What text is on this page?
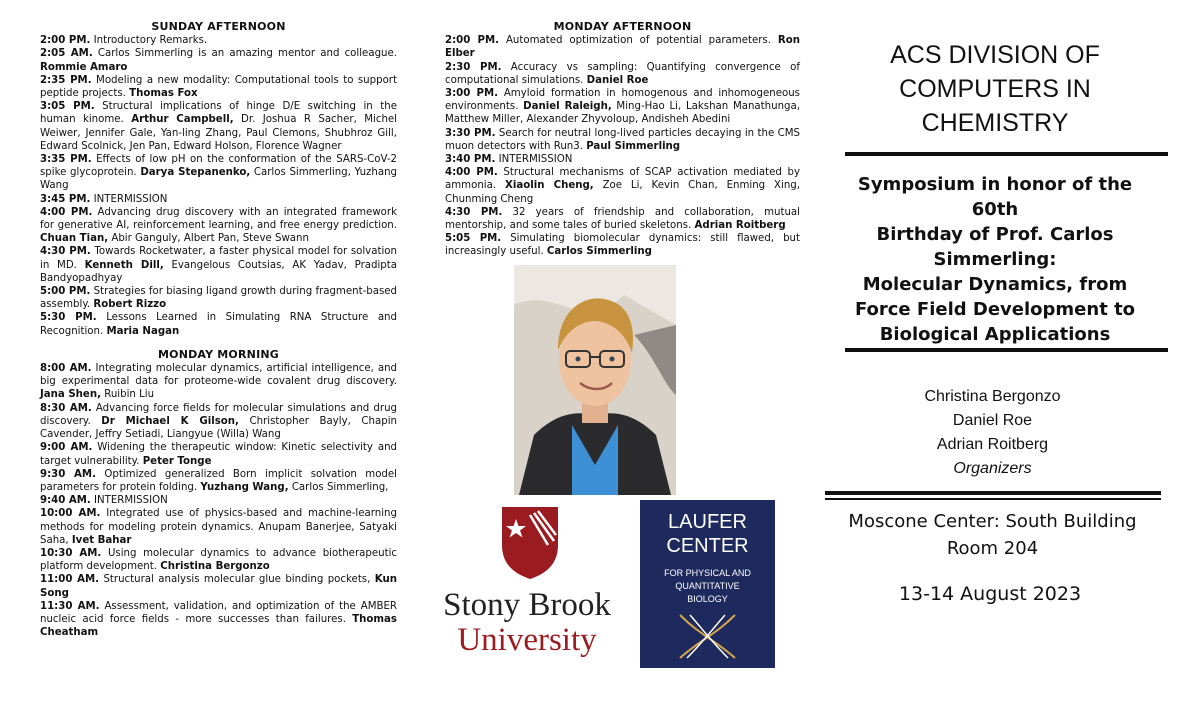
SUNDAY AFTERNOON
2:00 PM. Introductory Remarks.
2:05 AM. Carlos Simmerling is an amazing mentor and colleague. Rommie Amaro
2:35 PM. Modeling a new modality: Computational tools to support peptide projects. Thomas Fox
3:05 PM. Structural implications of hinge D/E switching in the human kinome. Arthur Campbell, Dr. Joshua R Sacher, Michel Weiwer, Jennifer Gale, Yan-ling Zhang, Paul Clemons, Shubhroz Gill, Edward Scolnick, Jen Pan, Edward Holson, Florence Wagner
3:35 PM. Effects of low pH on the conformation of the SARS-CoV-2 spike glycoprotein. Darya Stepanenko, Carlos Simmerling, Yuzhang Wang
3:45 PM. INTERMISSION
4:00 PM. Advancing drug discovery with an integrated framework for generative AI, reinforcement learning, and free energy prediction. Chuan Tian, Abir Ganguly, Albert Pan, Steve Swann
4:30 PM. Towards Rocketwater, a faster physical model for solvation in MD. Kenneth Dill, Evangelous Coutsias, AK Yadav, Pradipta Bandyopadhyay
5:00 PM. Strategies for biasing ligand growth during fragment-based assembly. Robert Rizzo
5:30 PM. Lessons Learned in Simulating RNA Structure and Recognition. Maria Nagan
MONDAY MORNING
8:00 AM. Integrating molecular dynamics, artificial intelligence, and big experimental data for proteome-wide covalent drug discovery. Jana Shen, Ruibin Liu
8:30 AM. Advancing force fields for molecular simulations and drug discovery. Dr Michael K Gilson, Christopher Bayly, Chapin Cavender, Jeffry Setiadi, Liangyue (Willa) Wang
9:00 AM. Widening the therapeutic window: Kinetic selectivity and target vulnerability. Peter Tonge
9:30 AM. Optimized generalized Born implicit solvation model parameters for protein folding. Yuzhang Wang, Carlos Simmerling,
9:40 AM. INTERMISSION
10:00 AM. Integrated use of physics-based and machine-learning methods for modeling protein dynamics. Anupam Banerjee, Satyaki Saha, Ivet Bahar
10:30 AM. Using molecular dynamics to advance biotherapeutic platform development. Christina Bergonzo
11:00 AM. Structural analysis molecular glue binding pockets, Kun Song
11:30 AM. Assessment, validation, and optimization of the AMBER nucleic acid force fields - more successes than failures. Thomas Cheatham
MONDAY AFTERNOON
2:00 PM. Automated optimization of potential parameters. Ron Elber
2:30 PM. Accuracy vs sampling: Quantifying convergence of computational simulations. Daniel Roe
3:00 PM. Amyloid formation in homogenous and inhomogeneous environments. Daniel Raleigh, Ming-Hao Li, Lakshan Manathunga, Matthew Miller, Alexander Zhyvoloup, Andisheh Abedini
3:30 PM. Search for neutral long-lived particles decaying in the CMS muon detectors with Run3. Paul Simmerling
3:40 PM. INTERMISSION
4:00 PM. Structural mechanisms of SCAP activation mediated by ammonia. Xiaolin Cheng, Zoe Li, Kevin Chan, Enming Xing, Chunming Cheng
4:30 PM. 32 years of friendship and collaboration, mutual mentorship, and some tales of buried skeletons. Adrian Roitberg
5:05 PM. Simulating biomolecular dynamics: still flawed, but increasingly useful. Carlos Simmerling
Stony Brook
University
LAUFER
CENTER
FOR PHYSICAL AND
QUANTITATIVE
BIOLOGY
ACS DIVISION OF
COMPUTERS IN
CHEMISTRY
Symposium in honor of the 60th
Birthday of Prof. Carlos
Simmerling:
Molecular Dynamics, from
Force Field Development to
Biological Applications
Christina Bergonzo
Daniel Roe
Adrian Roitberg
Organizers
Moscone Center: South Building
Room 204
13-14 August 2023
